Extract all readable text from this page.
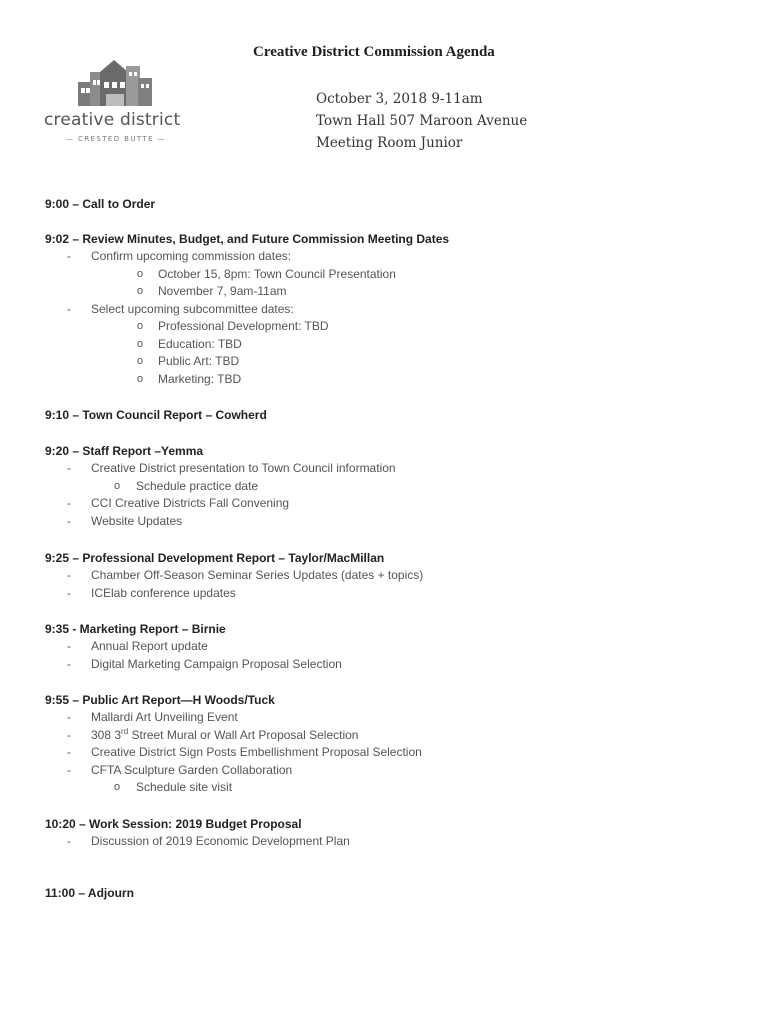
creative district
— CRESTED BUTTE —
Creative District Commission Agenda
October 3, 2018 9-11am
Town Hall 507 Maroon Avenue
Meeting Room Junior
9:00 – Call to Order
9:02 – Review Minutes, Budget, and Future Commission Meeting Dates
- Confirm upcoming commission dates:
o October 15, 8pm: Town Council Presentation
o November 7, 9am-11am
- Select upcoming subcommittee dates:
o Professional Development: TBD
o Education: TBD
o Public Art: TBD
o Marketing: TBD
9:10 – Town Council Report – Cowherd
9:20 – Staff Report –Yemma
- Creative District presentation to Town Council information
o Schedule practice date
- CCI Creative Districts Fall Convening
- Website Updates
9:25 – Professional Development Report – Taylor/MacMillan
- Chamber Off-Season Seminar Series Updates (dates + topics)
- ICElab conference updates
9:35 - Marketing Report – Birnie
- Annual Report update
- Digital Marketing Campaign Proposal Selection
9:55 – Public Art Report—H Woods/Tuck
- Mallardi Art Unveiling Event
- 308 3rd Street Mural or Wall Art Proposal Selection
- Creative District Sign Posts Embellishment Proposal Selection
- CFTA Sculpture Garden Collaboration
o Schedule site visit
10:20 – Work Session: 2019 Budget Proposal
- Discussion of 2019 Economic Development Plan
11:00 – Adjourn
